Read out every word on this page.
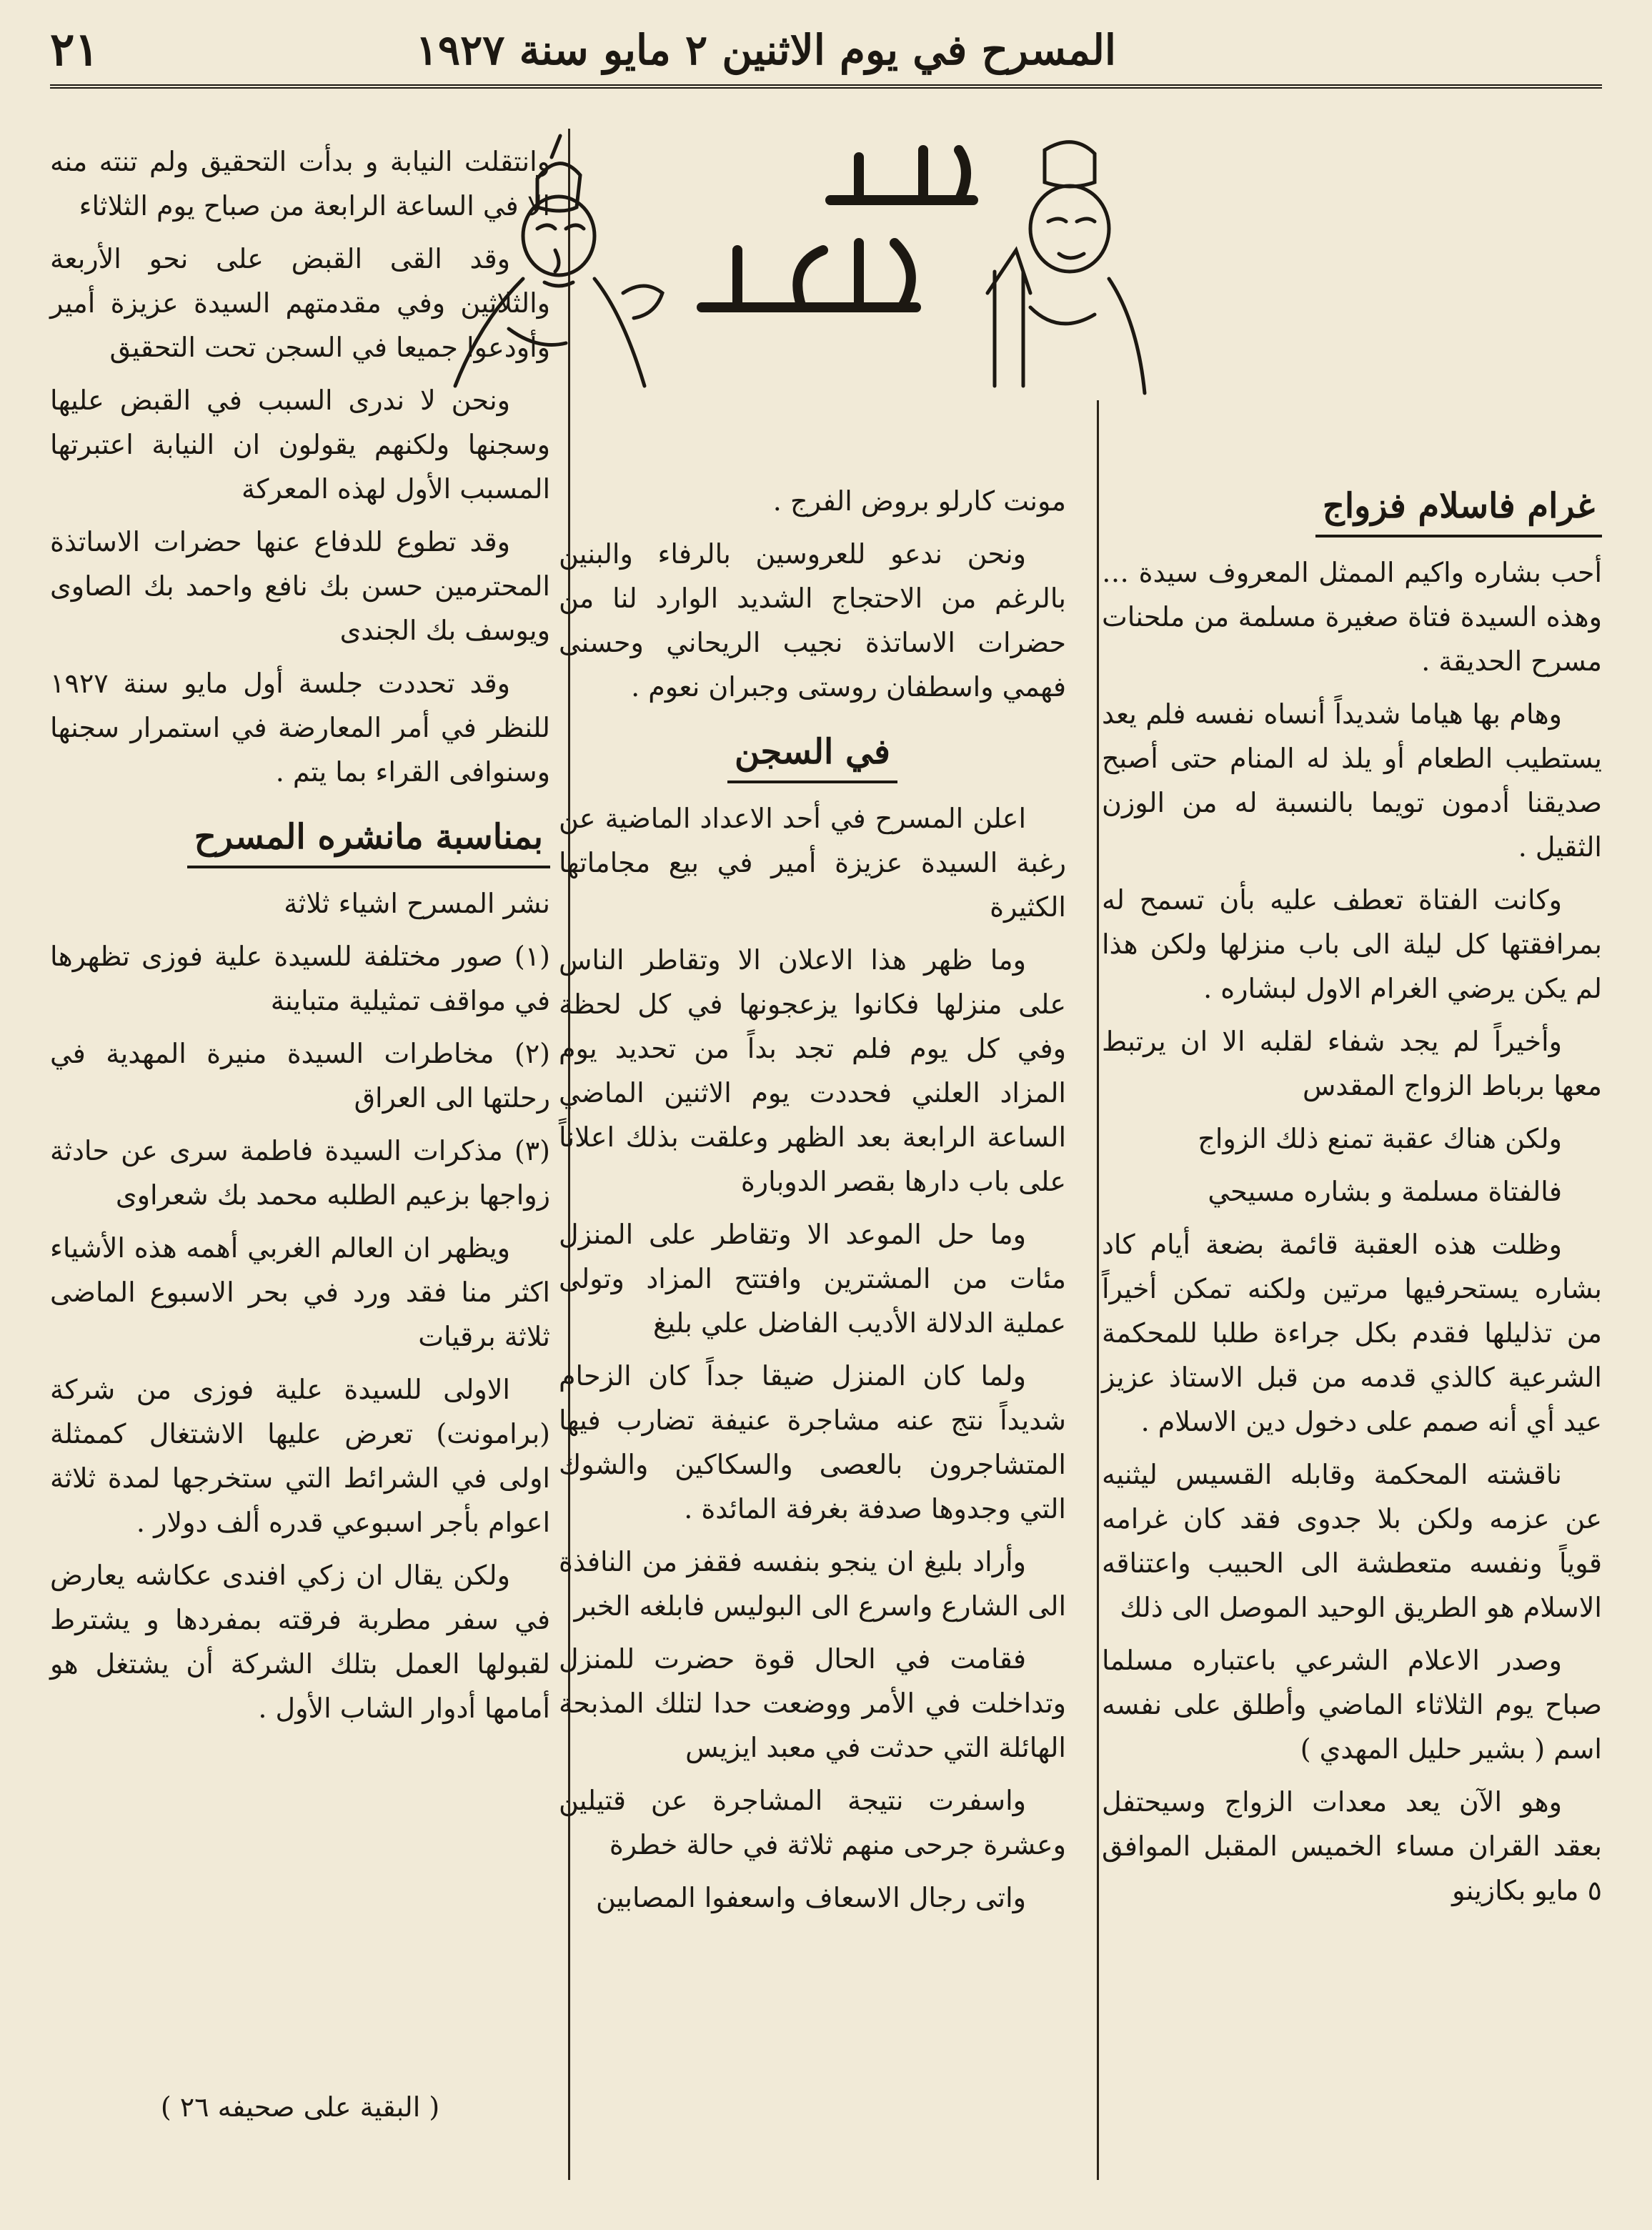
٢١	المسرح في يوم الاثنين ٢ مايو سنة ١٩٢٧
غرام فاسلام فزواج

أحب بشاره واكيم الممثل المعروف سيدة … وهذه السيدة فتاة صغيرة مسلمة من ملحنات مسرح الحديقة .

وهام بها هياما شديداً أنساه نفسه فلم يعد يستطيب الطعام أو يلذ له المنام حتى أصبح صديقنا أدمون تويما بالنسبة له من الوزن الثقيل .

وكانت الفتاة تعطف عليه بأن تسمح له بمرافقتها كل ليلة الى باب منزلها ولكن هذا لم يكن يرضي الغرام الاول لبشاره .

وأخيراً لم يجد شفاء لقلبه الا ان يرتبط معها برباط الزواج المقدس

ولكن هناك عقبة تمنع ذلك الزواج

فالفتاة مسلمة و بشاره مسيحي

وظلت هذه العقبة قائمة بضعة أيام كاد بشاره يستحرفيها مرتين ولكنه تمكن أخيراً من تذليلها فقدم بكل جراءة طلبا للمحكمة الشرعية كالذي قدمه من قبل الاستاذ عزيز عيد أي أنه صمم على دخول دين الاسلام .

ناقشته المحكمة وقابله القسيس ليثنيه عن عزمه ولكن بلا جدوى فقد كان غرامه قوياً ونفسه متعطشة الى الحبيب واعتناقه الاسلام هو الطريق الوحيد الموصل الى ذلك

وصدر الاعلام الشرعي باعتباره مسلما صباح يوم الثلاثاء الماضي وأطلق على نفسه اسم ( بشير حليل المهدي )

وهو الآن يعد معدات الزواج وسيحتفل بعقد القران مساء الخميس المقبل الموافق ٥ مايو بكازينو

مونت كارلو بروض الفرج .

ونحن ندعو للعروسين بالرفاء والبنين بالرغم من الاحتجاج الشديد الوارد لنا من حضرات الاساتذة نجيب الريحاني وحسنى فهمي واسطفان روستى وجبران نعوم .

في السجن

اعلن المسرح في أحد الاعداد الماضية عن رغبة السيدة عزيزة أمير في بيع مجاماتها الكثيرة

وما ظهر هذا الاعلان الا وتقاطر الناس على منزلها فكانوا يزعجونها في كل لحظة وفي كل يوم فلم تجد بداً من تحديد يوم المزاد العلني فحددت يوم الاثنين الماضي الساعة الرابعة بعد الظهر وعلقت بذلك اعلاناً على باب دارها بقصر الدوبارة

وما حل الموعد الا وتقاطر على المنزل مئات من المشترين وافتتح المزاد وتولى عملية الدلالة الأديب الفاضل علي بليغ

ولما كان المنزل ضيقا جداً كان الزحام شديداً نتج عنه مشاجرة عنيفة تضارب فيها المتشاجرون بالعصى والسكاكين والشوك التي وجدوها صدفة بغرفة المائدة .

وأراد بليغ ان ينجو بنفسه فقفز من النافذة الى الشارع واسرع الى البوليس فابلغه الخبر

فقامت في الحال قوة حضرت للمنزل وتداخلت في الأمر ووضعت حدا لتلك المذبحة الهائلة التي حدثت في معبد ايزيس

واسفرت نتيجة المشاجرة عن قتيلين وعشرة جرحى منهم ثلاثة في حالة خطرة

واتى رجال الاسعاف واسعفوا المصابين

وانتقلت النيابة و بدأت التحقيق ولم تنته منه الا في الساعة الرابعة من صباح يوم الثلاثاء

وقد القى القبض على نحو الأربعة والثلاثين وفي مقدمتهم السيدة عزيزة أمير وأودعوا جميعا في السجن تحت التحقيق

ونحن لا ندرى السبب في القبض عليها وسجنها ولكنهم يقولون ان النيابة اعتبرتها المسبب الأول لهذه المعركة

وقد تطوع للدفاع عنها حضرات الاساتذة المحترمين حسن بك نافع واحمد بك الصاوى ويوسف بك الجندى

وقد تحددت جلسة أول مايو سنة ١٩٢٧ للنظر في أمر المعارضة في استمرار سجنها وسنوافى القراء بما يتم .

بمناسبة مانشره المسرح

نشر المسرح اشياء ثلاثة

(١) صور مختلفة للسيدة علية فوزى تظهرها في مواقف تمثيلية متباينة

(٢) مخاطرات السيدة منيرة المهدية في رحلتها الى العراق

(٣) مذكرات السيدة فاطمة سرى عن حادثة زواجها بزعيم الطلبه محمد بك شعراوى

ويظهر ان العالم الغربي أهمه هذه الأشياء اكثر منا فقد ورد في بحر الاسبوع الماضى ثلاثة برقيات

الاولى للسيدة علية فوزى من شركة (برامونت) تعرض عليها الاشتغال كممثلة اولى في الشرائط التي ستخرجها لمدة ثلاثة اعوام بأجر اسبوعي قدره ألف دولار .

ولكن يقال ان زكي افندى عكاشه يعارض في سفر مطربة فرقته بمفردها و يشترط لقبولها العمل بتلك الشركة أن يشتغل هو أمامها أدوار الشاب الأول .

( البقية على صحيفه ٢٦ )
